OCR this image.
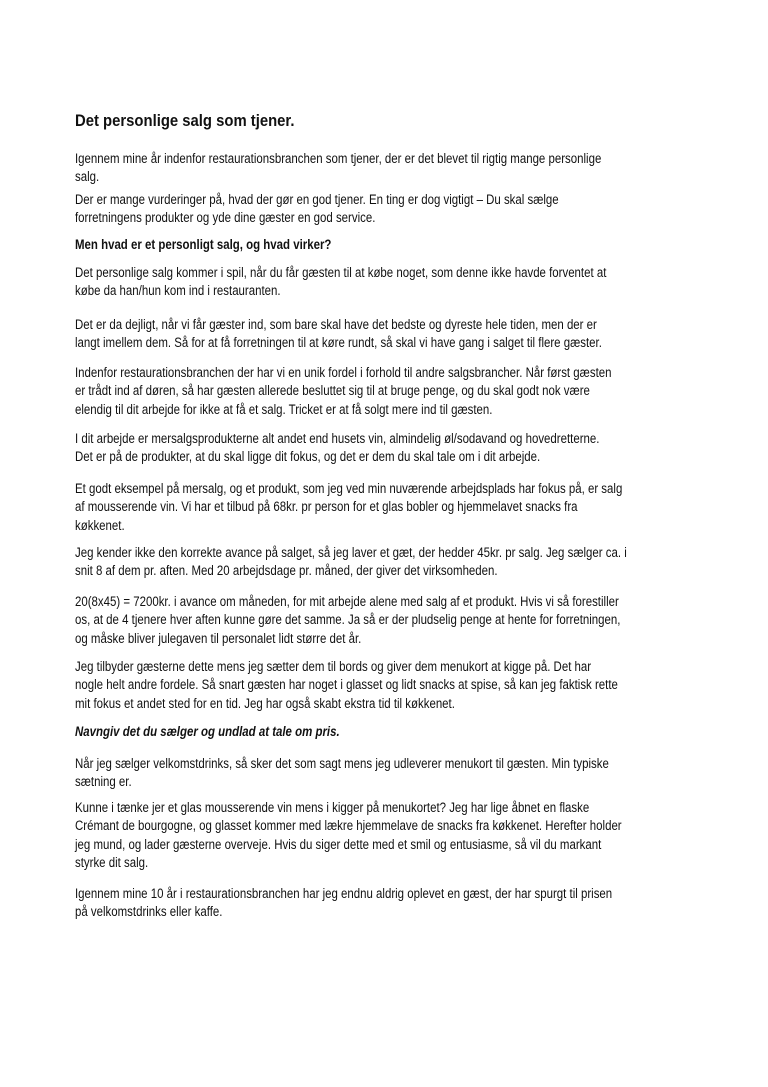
Det personlige salg som tjener.
Igennem mine år indenfor restaurationsbranchen som tjener, der er det blevet til rigtig mange personlige
salg.
Der er mange vurderinger på, hvad der gør en god tjener. En ting er dog vigtigt – Du skal sælge
forretningens produkter og yde dine gæster en god service.
Men hvad er et personligt salg, og hvad virker?
Det personlige salg kommer i spil, når du får gæsten til at købe noget, som denne ikke havde forventet at
købe da han/hun kom ind i restauranten.
Det er da dejligt, når vi får gæster ind, som bare skal have det bedste og dyreste hele tiden, men der er
langt imellem dem. Så for at få forretningen til at køre rundt, så skal vi have gang i salget til flere gæster.
Indenfor restaurationsbranchen der har vi en unik fordel i forhold til andre salgsbrancher. Når først gæsten
er trådt ind af døren, så har gæsten allerede besluttet sig til at bruge penge, og du skal godt nok være
elendig til dit arbejde for ikke at få et salg. Tricket er at få solgt mere ind til gæsten.
I dit arbejde er mersalgsprodukterne alt andet end husets vin, almindelig øl/sodavand og hovedretterne.
Det er på de produkter, at du skal ligge dit fokus, og det er dem du skal tale om i dit arbejde.
Et godt eksempel på mersalg, og et produkt, som jeg ved min nuværende arbejdsplads har fokus på, er salg
af mousserende vin. Vi har et tilbud på 68kr. pr person for et glas bobler og hjemmelavet snacks fra
køkkenet.
Jeg kender ikke den korrekte avance på salget, så jeg laver et gæt, der hedder 45kr. pr salg. Jeg sælger ca. i
snit 8 af dem pr. aften. Med 20 arbejdsdage pr. måned, der giver det virksomheden.
20(8x45) = 7200kr. i avance om måneden, for mit arbejde alene med salg af et produkt. Hvis vi så forestiller
os, at de 4 tjenere hver aften kunne gøre det samme. Ja så er der pludselig penge at hente for forretningen,
og måske bliver julegaven til personalet lidt større det år.
Jeg tilbyder gæsterne dette mens jeg sætter dem til bords og giver dem menukort at kigge på. Det har
nogle helt andre fordele. Så snart gæsten har noget i glasset og lidt snacks at spise, så kan jeg faktisk rette
mit fokus et andet sted for en tid. Jeg har også skabt ekstra tid til køkkenet.
Navngiv det du sælger og undlad at tale om pris.
Når jeg sælger velkomstdrinks, så sker det som sagt mens jeg udleverer menukort til gæsten. Min typiske
sætning er.
Kunne i tænke jer et glas mousserende vin mens i kigger på menukortet? Jeg har lige åbnet en flaske
Crémant de bourgogne, og glasset kommer med lækre hjemmelave de snacks fra køkkenet. Herefter holder
jeg mund, og lader gæsterne overveje. Hvis du siger dette med et smil og entusiasme, så vil du markant
styrke dit salg.
Igennem mine 10 år i restaurationsbranchen har jeg endnu aldrig oplevet en gæst, der har spurgt til prisen
på velkomstdrinks eller kaffe.
